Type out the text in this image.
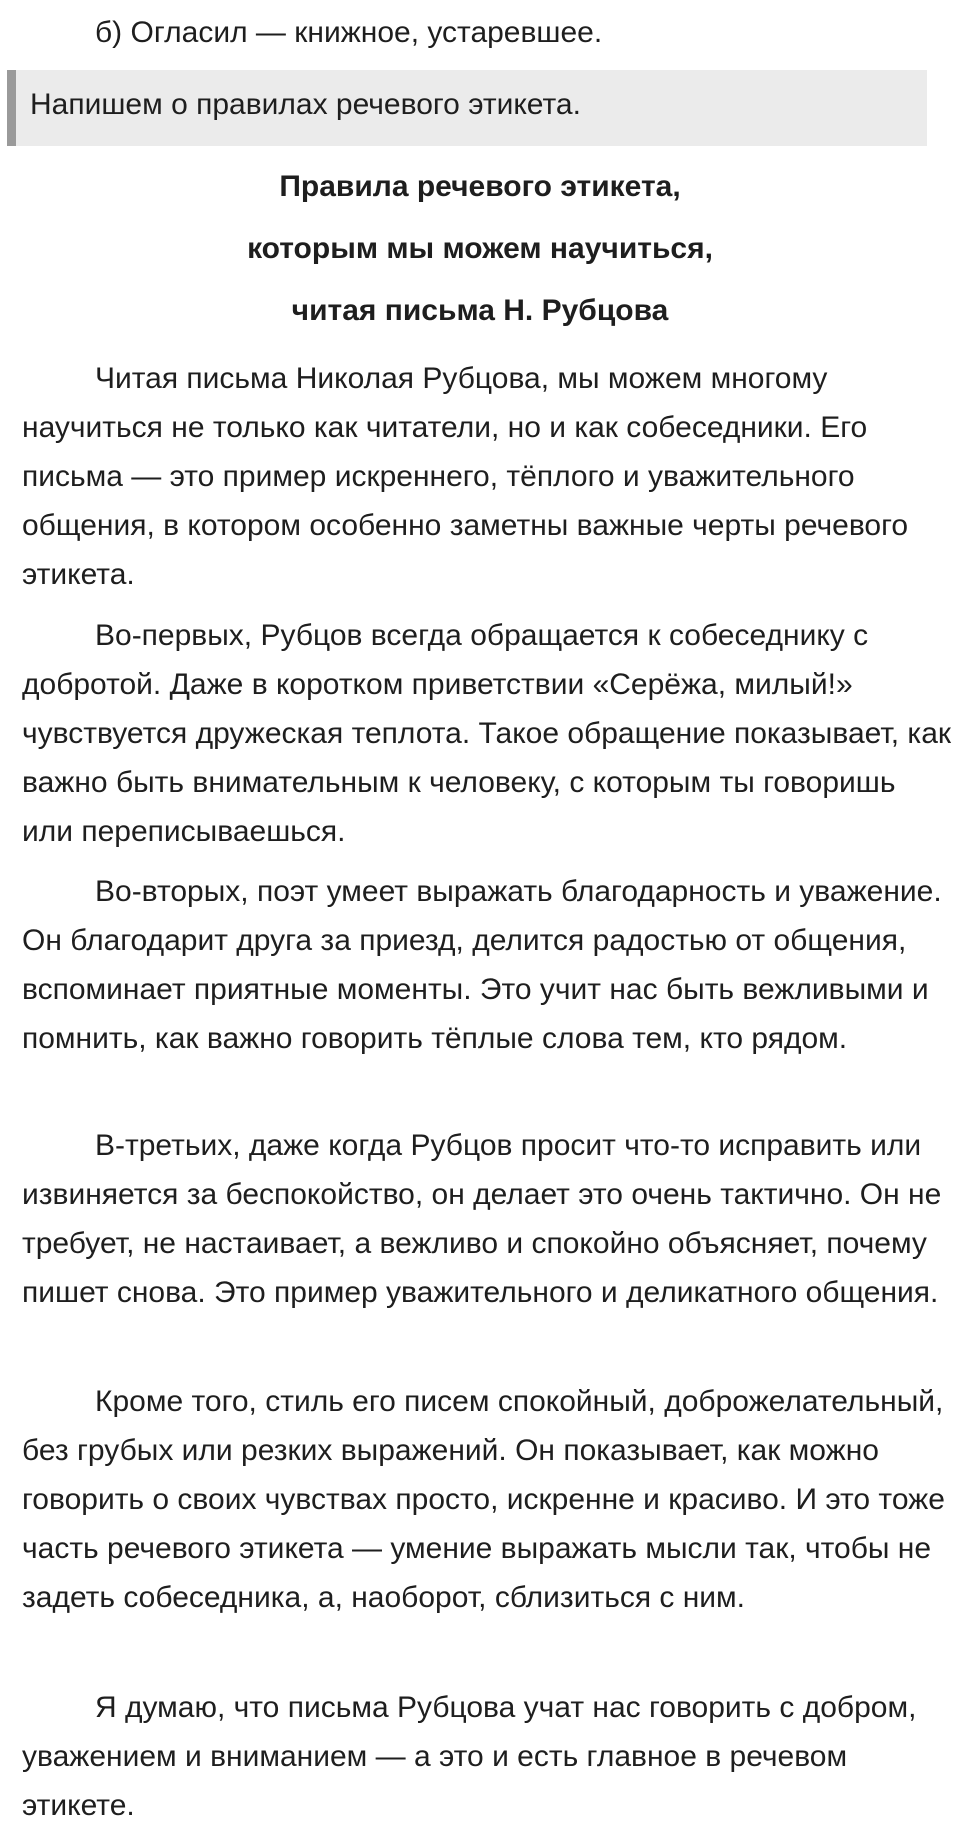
б) Огласил — книжное, устаревшее.
Напишем о правилах речевого этикета.
Правила речевого этикета,
которым мы можем научиться,
читая письма Н. Рубцова

Читая письма Николая Рубцова, мы можем многому научиться не только как читатели, но и как собеседники. Его письма — это пример искреннего, тёплого и уважительного общения, в котором особенно заметны важные черты речевого этикета.

Во-первых, Рубцов всегда обращается к собеседнику с добротой. Даже в коротком приветствии «Серёжа, милый!» чувствуется дружеская теплота. Такое обращение показывает, как важно быть внимательным к человеку, с которым ты говоришь или переписываешься.

Во-вторых, поэт умеет выражать благодарность и уважение. Он благодарит друга за приезд, делится радостью от общения, вспоминает приятные моменты. Это учит нас быть вежливыми и помнить, как важно говорить тёплые слова тем, кто рядом.

В-третьих, даже когда Рубцов просит что-то исправить или извиняется за беспокойство, он делает это очень тактично. Он не требует, не настаивает, а вежливо и спокойно объясняет, почему пишет снова. Это пример уважительного и деликатного общения.

Кроме того, стиль его писем спокойный, доброжелательный, без грубых или резких выражений. Он показывает, как можно говорить о своих чувствах просто, искренне и красиво. И это тоже часть речевого этикета — умение выражать мысли так, чтобы не задеть собеседника, а, наоборот, сблизиться с ним.

Я думаю, что письма Рубцова учат нас говорить с добром, уважением и вниманием — а это и есть главное в речевом этикете.
